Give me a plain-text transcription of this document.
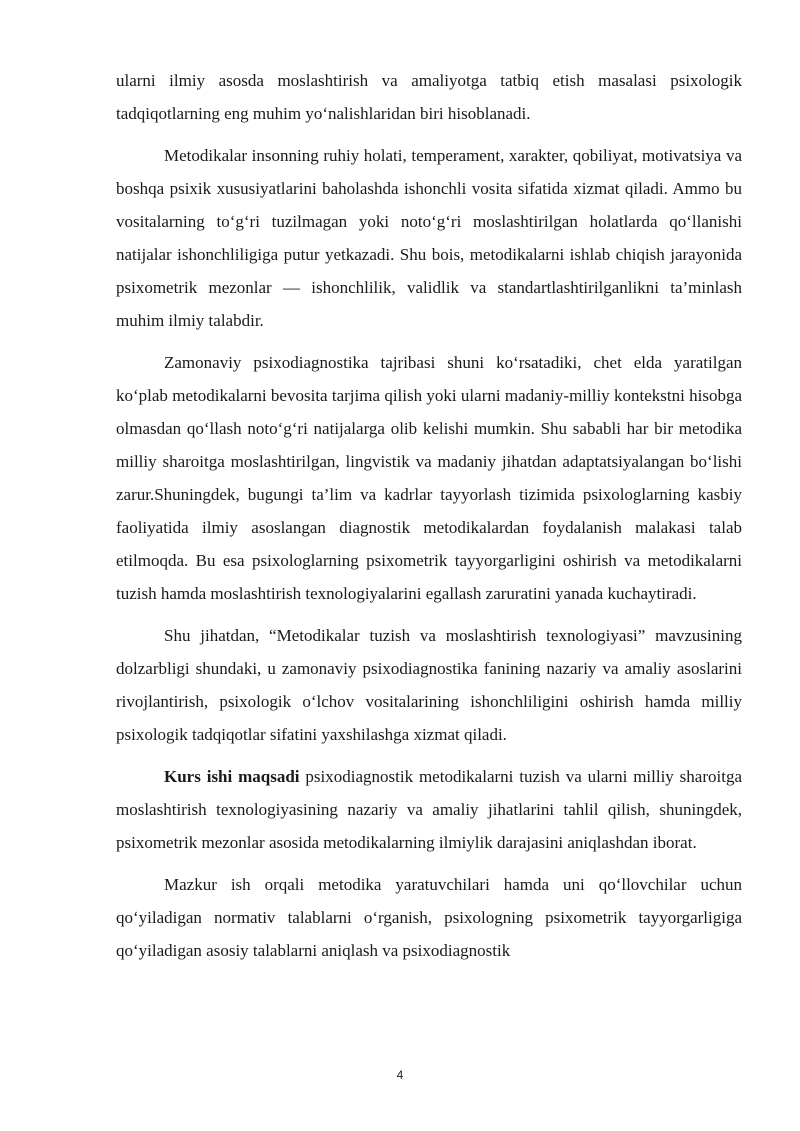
ularni ilmiy asosda moslashtirish va amaliyotga tatbiq etish masalasi psixologik tadqiqotlarning eng muhim yo‘nalishlaridan biri hisoblanadi.

Metodikalar insonning ruhiy holati, temperament, xarakter, qobiliyat, motivatsiya va boshqa psixik xususiyatlarini baholashda ishonchli vosita sifatida xizmat qiladi. Ammo bu vositalarning to‘g‘ri tuzilmagan yoki noto‘g‘ri moslashtirilgan holatlarda qo‘llanishi natijalar ishonchliligiga putur yetkazadi. Shu bois, metodikalarni ishlab chiqish jarayonida psixometrik mezonlar — ishonchlilik, validlik va standartlashtirilganlikni ta’minlash muhim ilmiy talabdir.

Zamonaviy psixodiagnostika tajribasi shuni ko‘rsatadiki, chet elda yaratilgan ko‘plab metodikalarni bevosita tarjima qilish yoki ularni madaniy-milliy kontekstni hisobga olmasdan qo‘llash noto‘g‘ri natijalarga olib kelishi mumkin. Shu sababli har bir metodika milliy sharoitga moslashtirilgan, lingvistik va madaniy jihatdan adaptatsiyalangan bo‘lishi zarur.Shuningdek, bugungi ta’lim va kadrlar tayyorlash tizimida psixologlarning kasbiy faoliyatida ilmiy asoslangan diagnostik metodikalardan foydalanish malakasi talab etilmoqda. Bu esa psixologlarning psixometrik tayyorgarligini oshirish va metodikalarni tuzish hamda moslashtirish texnologiyalarini egallash zaruratini yanada kuchaytiradi.

Shu jihatdan, “Metodikalar tuzish va moslashtirish texnologiyasi” mavzusining dolzarbligi shundaki, u zamonaviy psixodiagnostika fanining nazariy va amaliy asoslarini rivojlantirish, psixologik o‘lchov vositalarining ishonchliligini oshirish hamda milliy psixologik tadqiqotlar sifatini yaxshilashga xizmat qiladi.

Kurs ishi maqsadi psixodiagnostik metodikalarni tuzish va ularni milliy sharoitga moslashtirish texnologiyasining nazariy va amaliy jihatlarini tahlil qilish, shuningdek, psixometrik mezonlar asosida metodikalarning ilmiylik darajasini aniqlashdan iborat.

Mazkur ish orqali metodika yaratuvchilari hamda uni qo‘llovchilar uchun qo‘yiladigan normativ talablarni o‘rganish, psixologning psixometrik tayyorgarligiga qo‘yiladigan asosiy talablarni aniqlash va psixodiagnostik

4
